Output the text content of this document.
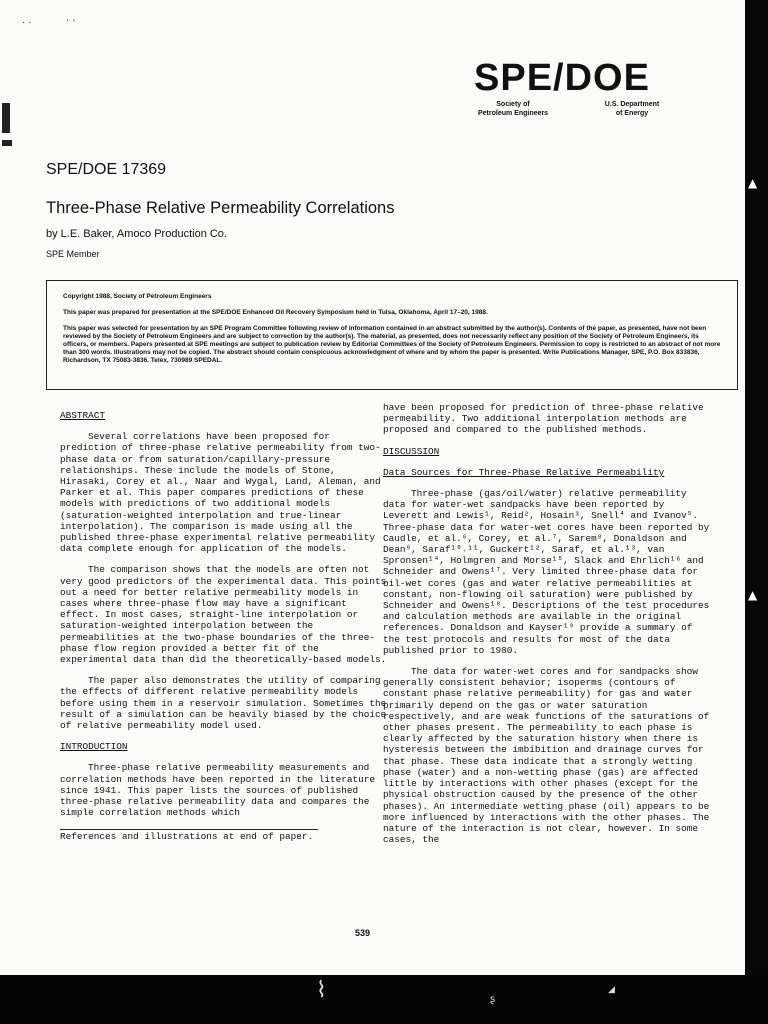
· ·	· ·
SPE/DOE
Society of
Petroleum Engineers
U.S. Department
of Energy
SPE/DOE 17369
Three-Phase Relative Permeability Correlations
by L.E. Baker, Amoco Production Co.
SPE Member

Copyright 1988, Society of Petroleum Engineers

This paper was prepared for presentation at the SPE/DOE Enhanced Oil Recovery Symposium held in Tulsa, Oklahoma, April 17–20, 1988.

This paper was selected for presentation by an SPE Program Committee following review of information contained in an abstract submitted by the author(s). Contents of the paper, as presented, have not been reviewed by the Society of Petroleum Engineers and are subject to correction by the author(s). The material, as presented, does not necessarily reflect any position of the Society of Petroleum Engineers, its officers, or members. Papers presented at SPE meetings are subject to publication review by Editorial Committees of the Society of Petroleum Engineers. Permission to copy is restricted to an abstract of not more than 300 words. Illustrations may not be copied. The abstract should contain conspicuous acknowledgment of where and by whom the paper is presented. Write Publications Manager, SPE, P.O. Box 833836, Richardson, TX 75083-3836. Telex, 730989 SPEDAL.

ABSTRACT

Several correlations have been proposed for prediction of three-phase relative permeability from two-phase data or from saturation/capillary-pressure relationships. These include the models of Stone, Hirasaki, Corey et al., Naar and Wygal, Land, Aleman, and Parker et al. This paper compares predictions of these models with predictions of two additional models (saturation-weighted interpolation and true-linear interpolation). The comparison is made using all the published three-phase experimental relative permeability data complete enough for application of the models.

The comparison shows that the models are often not very good predictors of the experimental data. This points out a need for better relative permeability models in cases where three-phase flow may have a significant effect. In most cases, straight-line interpolation or saturation-weighted interpolation between the permeabilities at the two-phase boundaries of the three-phase flow region provided a better fit of the experimental data than did the theoretically-based models.

The paper also demonstrates the utility of comparing the effects of different relative permeability models before using them in a reservoir simulation. Sometimes the result of a simulation can be heavily biased by the choice of relative permeability model used.

INTRODUCTION

Three-phase relative permeability measurements and correlation methods have been reported in the literature since 1941. This paper lists the sources of published three-phase relative permeability data and compares the simple correlation methods which

References and illustrations at end of paper.

have been proposed for prediction of three-phase relative permeability. Two additional interpolation methods are proposed and compared to the published methods.

DISCUSSION
Data Sources for Three-Phase Relative Permeability

Three-phase (gas/oil/water) relative permeability data for water-wet sandpacks have been reported by Leverett and Lewis¹, Reid², Hosain³, Snell⁴ and Ivanov⁵. Three-phase data for water-wet cores have been reported by Caudle, et al.⁶, Corey, et al.⁷, Sarem⁸, Donaldson and Dean⁹, Saraf¹⁰˒¹¹, Guckert¹², Saraf, et al.¹³, van Spronsen¹⁴, Holmgren and Morse¹⁵, Slack and Ehrlich¹⁶ and Schneider and Owens¹⁷. Very limited three-phase data for oil-wet cores (gas and water relative permeabilities at constant, non-flowing oil saturation) were published by Schneider and Owens¹⁸. Descriptions of the test procedures and calculation methods are available in the original references. Donaldson and Kayser¹⁹ provide a summary of the test protocols and results for most of the data published prior to 1980.

The data for water-wet cores and for sandpacks show generally consistent behavior; isoperms (contours of constant phase relative permeability) for gas and water primarily depend on the gas or water saturation respectively, and are weak functions of the saturations of other phases present. The permeability to each phase is clearly affected by the saturation history when there is hysteresis between the imbibition and drainage curves for that phase. These data indicate that a strongly wetting phase (water) and a non-wetting phase (gas) are affected little by interactions with other phases (except for the physical obstruction caused by the presence of the other phases). An intermediate wetting phase (oil) appears to be more influenced by interactions with the other phases. The nature of the interaction is not clear, however. In some cases, the

539
▲
▲
⌇	ʂ
◢
